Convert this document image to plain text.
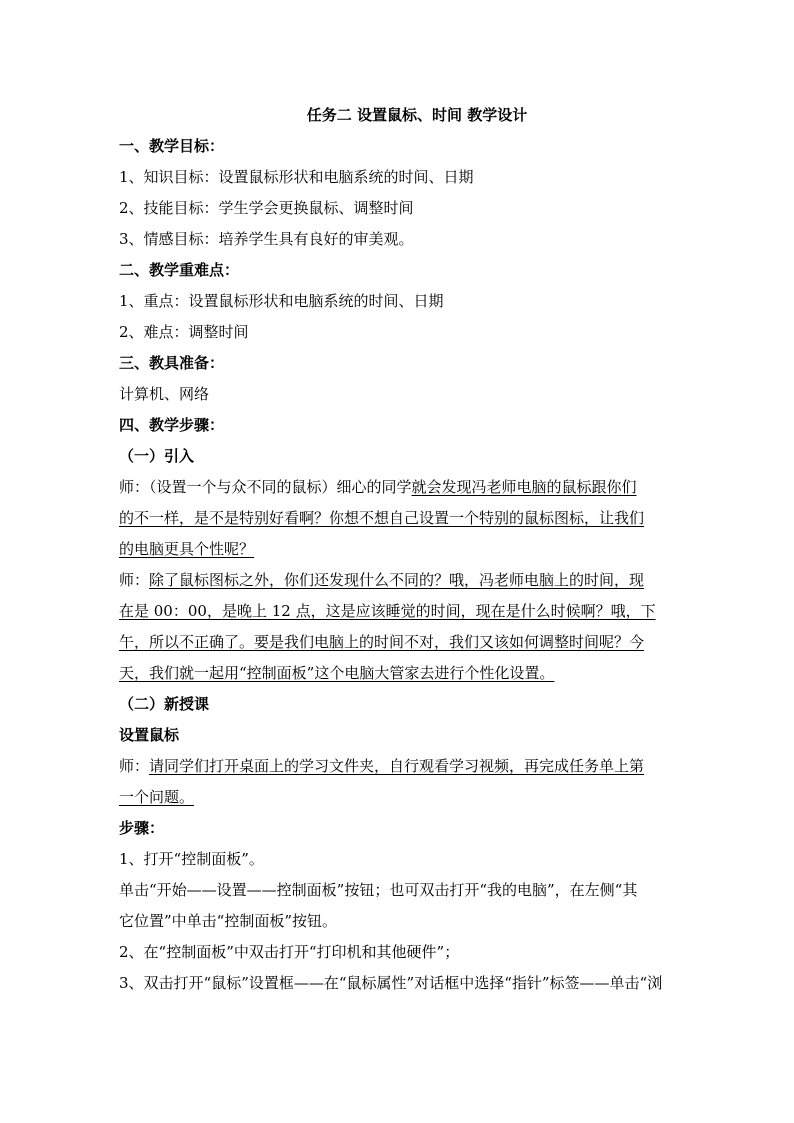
任务二 设置鼠标、时间 教学设计
一、教学目标：
1、知识目标：设置鼠标形状和电脑系统的时间、日期
2、技能目标：学生学会更换鼠标、调整时间
3、情感目标：培养学生具有良好的审美观。
二、教学重难点：
1、重点：设置鼠标形状和电脑系统的时间、日期
2、难点：调整时间
三、教具准备：
计算机、网络
四、教学步骤：
（一）引入
师：（设置一个与众不同的鼠标）细心的同学就会发现冯老师电脑的鼠标跟你们
的不一样，是不是特别好看啊？你想不想自己设置一个特别的鼠标图标，让我们
的电脑更具个性呢？
师：除了鼠标图标之外，你们还发现什么不同的？哦，冯老师电脑上的时间，现
在是 00：00，是晚上 12 点，这是应该睡觉的时间，现在是什么时候啊？哦，下
午，所以不正确了。要是我们电脑上的时间不对，我们又该如何调整时间呢？今
天，我们就一起用“控制面板”这个电脑大管家去进行个性化设置。
（二）新授课
设置鼠标
师：请同学们打开桌面上的学习文件夹，自行观看学习视频，再完成任务单上第
一个问题。
步骤：
1、打开“控制面板”。
单击“开始——设置——控制面板”按钮；也可双击打开“我的电脑”，在左侧“其
它位置”中单击“控制面板”按钮。
2、在“控制面板”中双击打开“打印机和其他硬件”；
3、双击打开“鼠标”设置框——在“鼠标属性”对话框中选择“指针”标签——单击“浏
